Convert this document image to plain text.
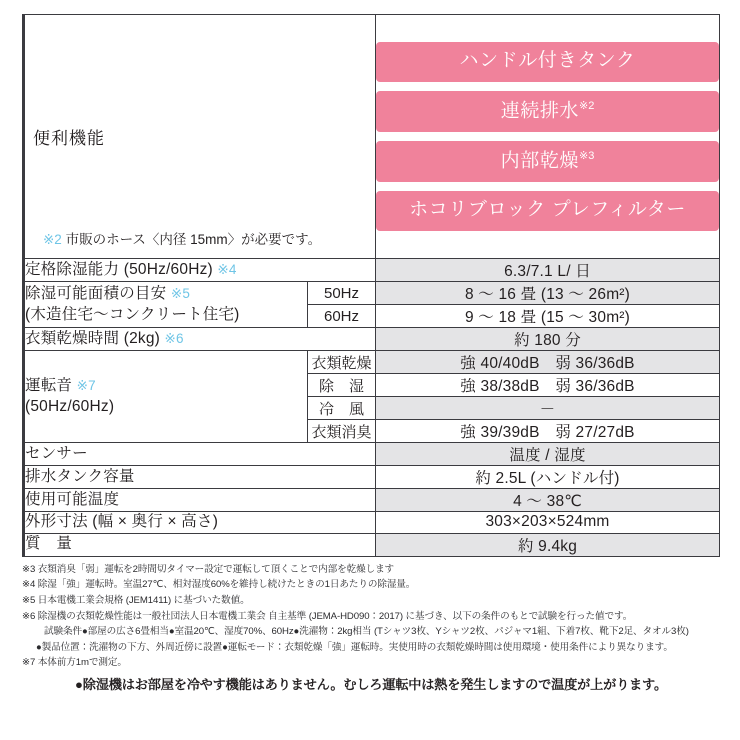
便利機能
※2 市販のホース〈内径 15mm〉が必要です。

ハンドル付きタンク
連続排水$^{※2}$
内部乾燥$^{※3}$
ホコリブロック プレフィルター

定格除湿能力 (50Hz/60Hz) ※4		6.3/7.1 L/ 日

除湿可能面積の目安 ※5
(木造住宅～コンクリート住宅)	50Hz	8 ～ 16 畳 (13 ～ 26m²)
	60Hz	9 ～ 18 畳 (15 ～ 30m²)
衣類乾燥時間 (2kg) ※6		約 180 分

運転音 ※7
(50Hz/60Hz)	衣類乾燥	強 40/40dB　弱 36/36dB
	除　湿	強 38/38dB　弱 36/36dB
	冷　風	－
	衣類消臭	強 39/39dB　弱 27/27dB
センサー		温度 / 湿度
排水タンク容量		約 2.5L (ハンドル付)
使用可能温度		4 ～ 38℃
外形寸法 (幅 × 奥行 × 高さ)		303×203×524mm
質　量		約 9.4kg
※3 衣類消臭「弱」運転を2時間切タイマー設定で運転して頂くことで内部を乾燥します
※4 除湿「強」運転時。室温27℃、相対湿度60%を維持し続けたときの1日あたりの除湿量。
※5 日本電機工業会規格 (JEM1411) に基づいた数値。
※6 除湿機の衣類乾燥性能は一般社団法人日本電機工業会 自主基準 (JEMA-HD090：2017) に基づき、以下の条件のもとで試験を行った値です。
試験条件●部屋の広さ6畳相当●室温20℃、湿度70%、60Hz●洗濯物：2kg相当 (Tシャツ3枚、Yシャツ2枚、パジャマ1組、下着7枚、靴下2足、タオル3枚)
●製品位置：洗濯物の下方、外周近傍に設置●運転モード：衣類乾燥「強」運転時。実使用時の衣類乾燥時間は使用環境・使用条件により異なります。
※7 本体前方1mで測定。
●除湿機はお部屋を冷やす機能はありません。むしろ運転中は熱を発生しますので温度が上がります。
